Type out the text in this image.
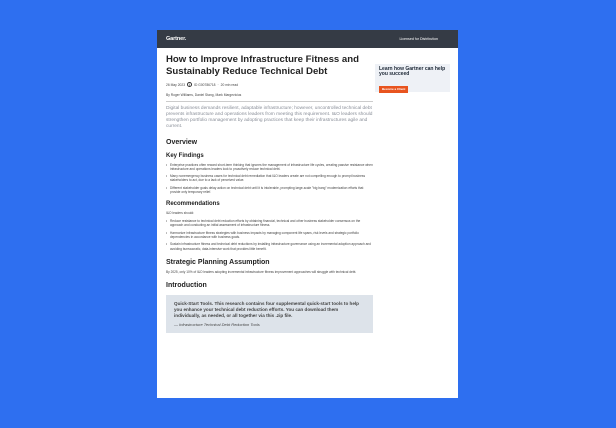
Gartner.	Licensed for Distribution
How to Improve Infrastructure Fitness and Sustainably Reduce Technical Debt
26 May 2023	i	ID G00786718 · 20 min read
By Roger Williams, Daniel Stang, Mark Margevicius

Digital business demands resilient, adaptable infrastructure; however, uncontrolled technical debt prevents infrastructure and operations leaders from meeting this requirement. I&O leaders should strengthen portfolio management by adopting practices that keep their infrastructures agile and current.

Overview
Key Findings
• Enterprise practices often reward short-term thinking that ignores the management of infrastructure life cycles, creating passive resistance when infrastructure and operations leaders look to proactively reduce technical debt.
• Many nonemergency business cases for technical debt remediation that I&O leaders create are not compelling enough to prompt business stakeholders to act, due to a lack of perceived value.
• Different stakeholder goals delay action on technical debt until it is intolerable, prompting large-scale "big bang" modernization efforts that provide only temporary relief.
Recommendations

I&O leaders should:

• Reduce resistance to technical debt reduction efforts by obtaining financial, technical and other business stakeholder consensus on the approach and conducting an initial assessment of infrastructure fitness.
• Harmonize infrastructure fitness strategies with business impacts by managing component life spans, risk levels and strategic portfolio dependencies in accordance with business goals.
• Sustain infrastructure fitness and technical debt reductions by installing infrastructure governance using an incremental adoption approach and avoiding bureaucratic, data-intensive work that provides little benefit.
Strategic Planning Assumption

By 2025, only 10% of I&O leaders adopting incremental infrastructure fitness improvement approaches will struggle with technical debt.

Introduction

Quick-Start Tools. This research contains four supplemental quick-start tools to help you enhance your technical debt reduction efforts. You can download them individually, as needed, or all together via this .zip file.

— Infrastructure Technical Debt Reduction Tools

Learn how Gartner can help you succeed
Become a Client
